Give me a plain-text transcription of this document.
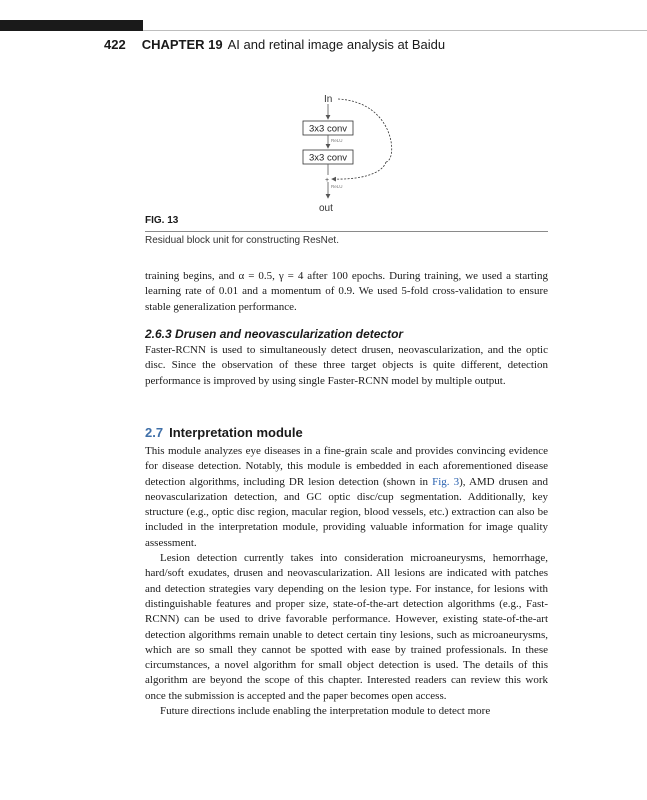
422 CHAPTER 19 AI and retinal image analysis at Baidu
In
3x3 conv
ReLU
3x3 conv
+
ReLU
out
FIG. 13
Residual block unit for constructing ResNet.

training begins, and α = 0.5, γ = 4 after 100 epochs. During training, we used a starting learning rate of 0.01 and a momentum of 0.9. We used 5-fold cross-validation to ensure stable generalization performance.

2.6.3 Drusen and neovascularization detector

Faster-RCNN is used to simultaneously detect drusen, neovascularization, and the optic disc. Since the observation of these three target objects is quite different, detection performance is improved by using single Faster-RCNN model by multiple output.

2.7 Interpretation module

This module analyzes eye diseases in a fine-grain scale and provides convincing evidence for disease detection. Notably, this module is embedded in each aforementioned disease detection algorithms, including DR lesion detection (shown in Fig. 3), AMD drusen and neovascularization detection, and GC optic disc/cup segmentation. Additionally, key structure (e.g., optic disc region, macular region, blood vessels, etc.) extraction can also be included in the interpretation module, providing valuable information for image quality assessment.

Lesion detection currently takes into consideration microaneurysms, hemorrhage, hard/soft exudates, drusen and neovascularization. All lesions are indicated with patches and detection strategies vary depending on the lesion type. For instance, for lesions with distinguishable features and proper size, state-of-the-art detection algorithms (e.g., Fast-RCNN) can be used to drive favorable performance. However, existing state-of-the-art detection algorithms remain unable to detect certain tiny lesions, such as microaneurysms, which are so small they cannot be spotted with ease by trained professionals. In these circumstances, a novel algorithm for small object detection is used. The details of this algorithm are beyond the scope of this chapter. Interested readers can review this work once the submission is accepted and the paper becomes open access.

Future directions include enabling the interpretation module to detect more
